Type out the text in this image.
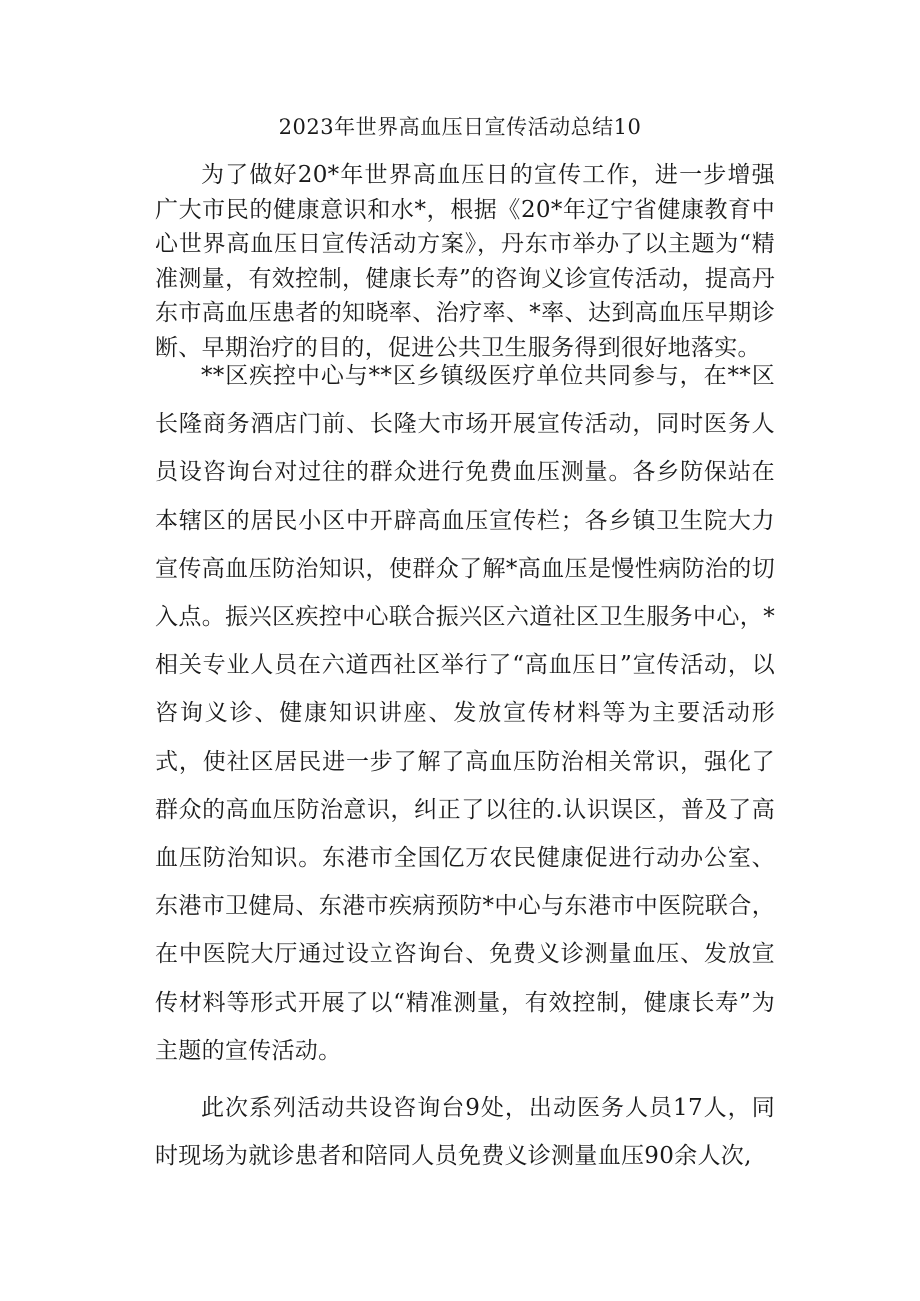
2023年世界高血压日宣传活动总结10

为了做好20*年世界高血压日的宣传工作，进一步增强广大市民的健康意识和水*，根据《20*年辽宁省健康教育中心世界高血压日宣传活动方案》，丹东市举办了以主题为“精准测量，有效控制，健康长寿”的咨询义诊宣传活动，提高丹东市高血压患者的知晓率、治疗率、*率、达到高血压早期诊断、早期治疗的目的，促进公共卫生服务得到很好地落实。

**区疾控中心与**区乡镇级医疗单位共同参与，在**区长隆商务酒店门前、长隆大市场开展宣传活动，同时医务人员设咨询台对过往的群众进行免费血压测量。各乡防保站在本辖区的居民小区中开辟高血压宣传栏；各乡镇卫生院大力宣传高血压防治知识，使群众了解*高血压是慢性病防治的切入点。振兴区疾控中心联合振兴区六道社区卫生服务中心，*相关专业人员在六道西社区举行了“高血压日”宣传活动，以咨询义诊、健康知识讲座、发放宣传材料等为主要活动形式，使社区居民进一步了解了高血压防治相关常识，强化了群众的高血压防治意识，纠正了以往的.认识误区，普及了高血压防治知识。东港市全国亿万农民健康促进行动办公室、东港市卫健局、东港市疾病预防*中心与东港市中医院联合，在中医院大厅通过设立咨询台、免费义诊测量血压、发放宣传材料等形式开展了以“精准测量，有效控制，健康长寿”为主题的宣传活动。

此次系列活动共设咨询台9处，出动医务人员17人，同时现场为就诊患者和陪同人员免费义诊测量血压90余人次,
